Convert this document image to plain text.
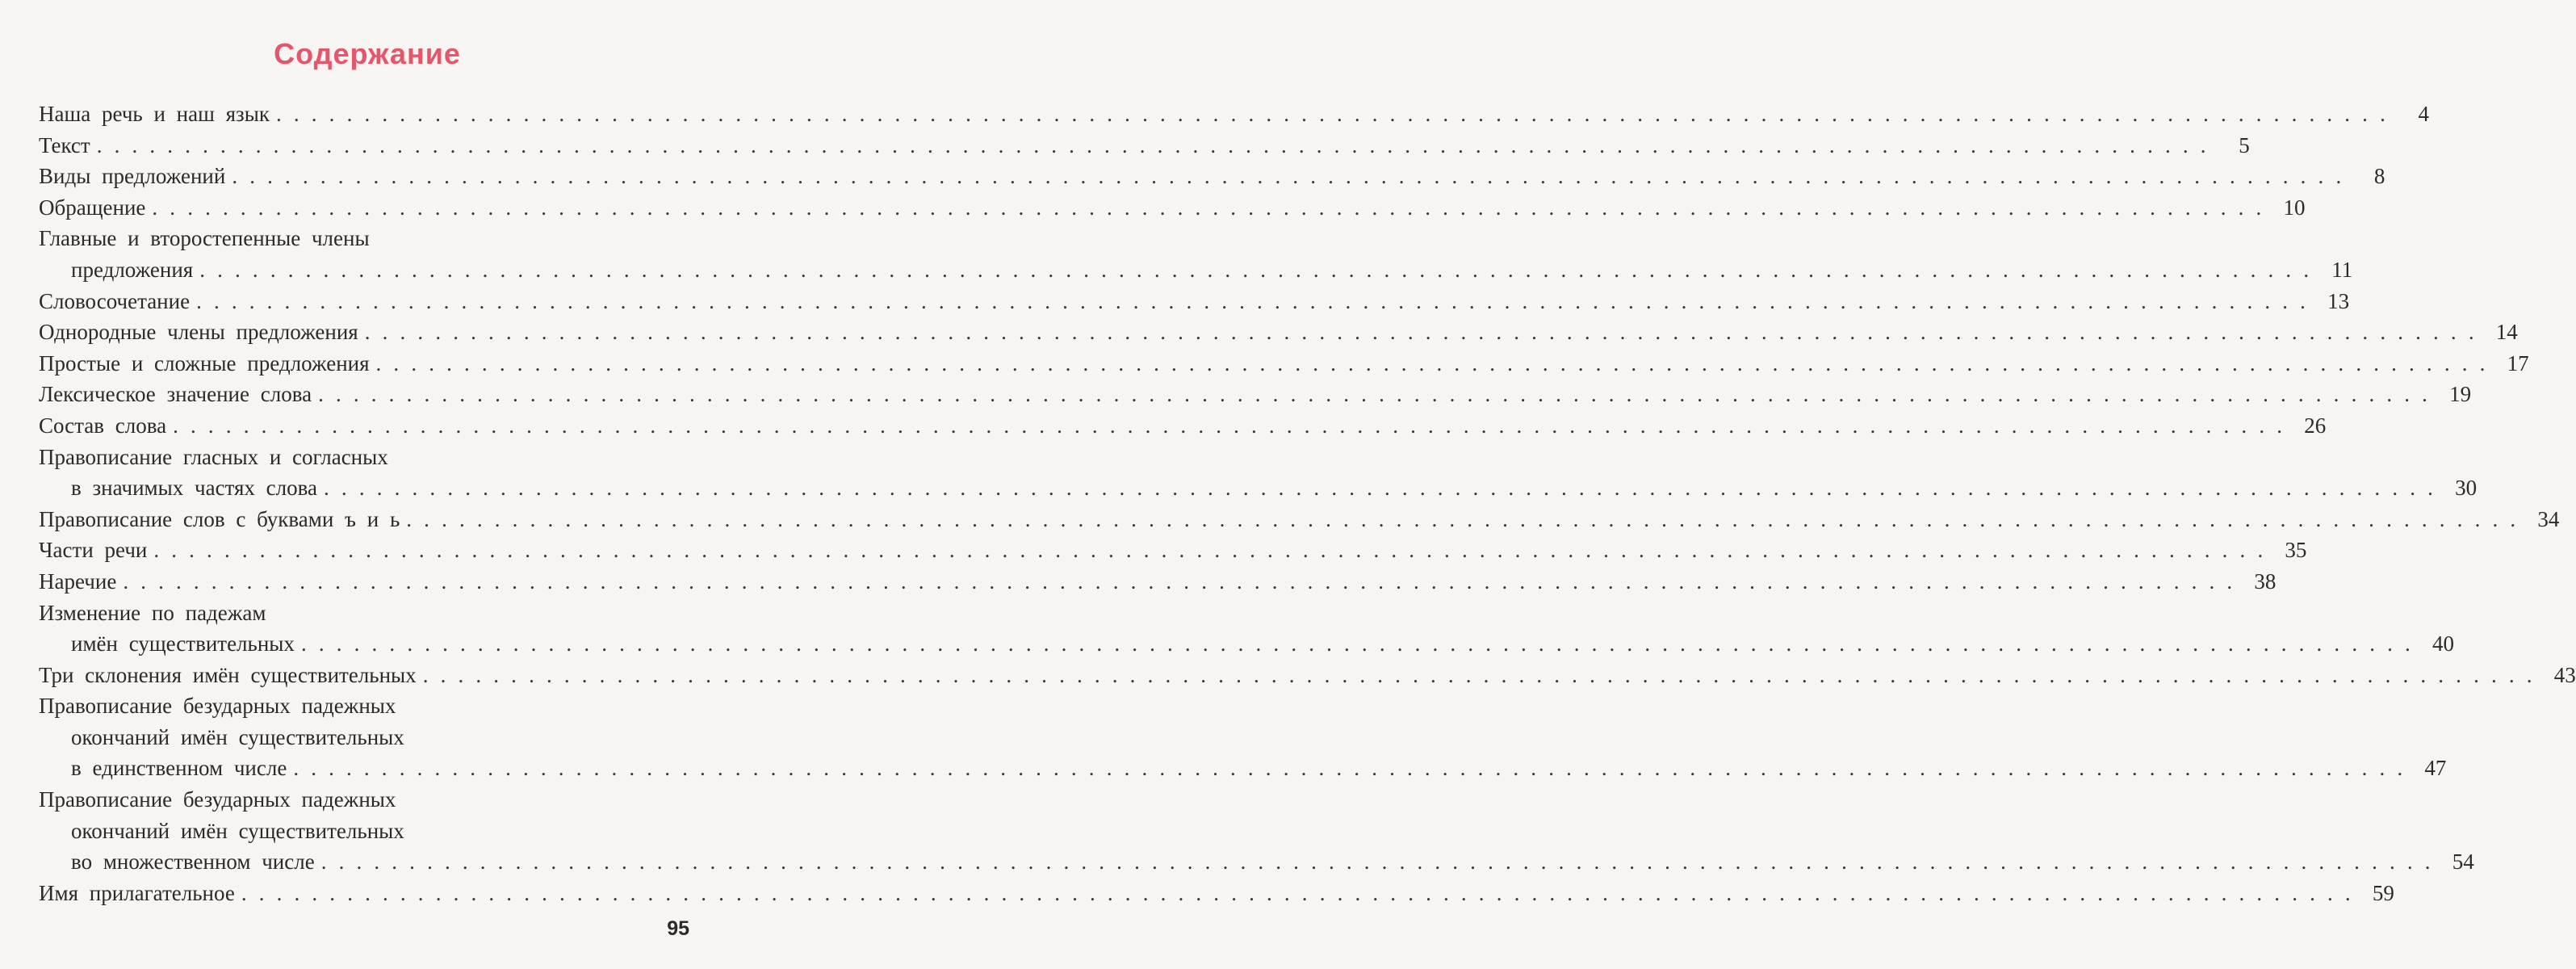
Содержание
Наша речь и наш язык . . . . . . . . . . . . . . . . . . . . . . . . . . . . . . . . . . . . . . . . . . . . . . . . . . . . . . . . . . . . . . . . . . . . . . . . . . . . . . . . . . . . . . . . . . . . . . . . . . . . . . . . . . . . . . . . . . . . . . . .	4
Текст . . . . . . . . . . . . . . . . . . . . . . . . . . . . . . . . . . . . . . . . . . . . . . . . . . . . . . . . . . . . . . . . . . . . . . . . . . . . . . . . . . . . . . . . . . . . . . . . . . . . . . . . . . . . . . . . . . . . . . . .	5
Виды предложений . . . . . . . . . . . . . . . . . . . . . . . . . . . . . . . . . . . . . . . . . . . . . . . . . . . . . . . . . . . . . . . . . . . . . . . . . . . . . . . . . . . . . . . . . . . . . . . . . . . . . . . . . . . . . . . . . . . . . . . .	8
Обращение . . . . . . . . . . . . . . . . . . . . . . . . . . . . . . . . . . . . . . . . . . . . . . . . . . . . . . . . . . . . . . . . . . . . . . . . . . . . . . . . . . . . . . . . . . . . . . . . . . . . . . . . . . . . . . . . . . . . . . . . 10
Главные и второстепенные члены
предложения . . . . . . . . . . . . . . . . . . . . . . . . . . . . . . . . . . . . . . . . . . . . . . . . . . . . . . . . . . . . . . . . . . . . . . . . . . . . . . . . . . . . . . . . . . . . . . . . . . . . . . . . . . . . . . . . . . . . . . . . 11
Словосочетание . . . . . . . . . . . . . . . . . . . . . . . . . . . . . . . . . . . . . . . . . . . . . . . . . . . . . . . . . . . . . . . . . . . . . . . . . . . . . . . . . . . . . . . . . . . . . . . . . . . . . . . . . . . . . . . . . . . . . . . . 13
Однородные члены предложения . . . . . . . . . . . . . . . . . . . . . . . . . . . . . . . . . . . . . . . . . . . . . . . . . . . . . . . . . . . . . . . . . . . . . . . . . . . . . . . . . . . . . . . . . . . . . . . . . . . . . . . . . . . . . . . . . . . . . . . . 14
Простые и сложные предложения . . . . . . . . . . . . . . . . . . . . . . . . . . . . . . . . . . . . . . . . . . . . . . . . . . . . . . . . . . . . . . . . . . . . . . . . . . . . . . . . . . . . . . . . . . . . . . . . . . . . . . . . . . . . . . . . . . . . . . . . 17
Лексическое значение слова . . . . . . . . . . . . . . . . . . . . . . . . . . . . . . . . . . . . . . . . . . . . . . . . . . . . . . . . . . . . . . . . . . . . . . . . . . . . . . . . . . . . . . . . . . . . . . . . . . . . . . . . . . . . . . . . . . . . . . . . 19
Состав слова . . . . . . . . . . . . . . . . . . . . . . . . . . . . . . . . . . . . . . . . . . . . . . . . . . . . . . . . . . . . . . . . . . . . . . . . . . . . . . . . . . . . . . . . . . . . . . . . . . . . . . . . . . . . . . . . . . . . . . . . 26
Правописание гласных и согласных
в значимых частях слова . . . . . . . . . . . . . . . . . . . . . . . . . . . . . . . . . . . . . . . . . . . . . . . . . . . . . . . . . . . . . . . . . . . . . . . . . . . . . . . . . . . . . . . . . . . . . . . . . . . . . . . . . . . . . . . . . . . . . . . . 30
Правописание слов с буквами ъ и ь . . . . . . . . . . . . . . . . . . . . . . . . . . . . . . . . . . . . . . . . . . . . . . . . . . . . . . . . . . . . . . . . . . . . . . . . . . . . . . . . . . . . . . . . . . . . . . . . . . . . . . . . . . . . . . . . . . . . . . . . 34
Части речи . . . . . . . . . . . . . . . . . . . . . . . . . . . . . . . . . . . . . . . . . . . . . . . . . . . . . . . . . . . . . . . . . . . . . . . . . . . . . . . . . . . . . . . . . . . . . . . . . . . . . . . . . . . . . . . . . . . . . . . . 35
Наречие . . . . . . . . . . . . . . . . . . . . . . . . . . . . . . . . . . . . . . . . . . . . . . . . . . . . . . . . . . . . . . . . . . . . . . . . . . . . . . . . . . . . . . . . . . . . . . . . . . . . . . . . . . . . . . . . . . . . . . . . 38
Изменение по падежам
имён существительных . . . . . . . . . . . . . . . . . . . . . . . . . . . . . . . . . . . . . . . . . . . . . . . . . . . . . . . . . . . . . . . . . . . . . . . . . . . . . . . . . . . . . . . . . . . . . . . . . . . . . . . . . . . . . . . . . . . . . . . . 40
Три склонения имён существительных . . . . . . . . . . . . . . . . . . . . . . . . . . . . . . . . . . . . . . . . . . . . . . . . . . . . . . . . . . . . . . . . . . . . . . . . . . . . . . . . . . . . . . . . . . . . . . . . . . . . . . . . . . . . . . . . . . . . . . . . 43
Правописание безударных падежных
окончаний имён существительных
в единственном числе . . . . . . . . . . . . . . . . . . . . . . . . . . . . . . . . . . . . . . . . . . . . . . . . . . . . . . . . . . . . . . . . . . . . . . . . . . . . . . . . . . . . . . . . . . . . . . . . . . . . . . . . . . . . . . . . . . . . . . . . 47
Правописание безударных падежных
окончаний имён существительных
во множественном числе . . . . . . . . . . . . . . . . . . . . . . . . . . . . . . . . . . . . . . . . . . . . . . . . . . . . . . . . . . . . . . . . . . . . . . . . . . . . . . . . . . . . . . . . . . . . . . . . . . . . . . . . . . . . . . . . . . . . . . . . 54
Имя прилагательное . . . . . . . . . . . . . . . . . . . . . . . . . . . . . . . . . . . . . . . . . . . . . . . . . . . . . . . . . . . . . . . . . . . . . . . . . . . . . . . . . . . . . . . . . . . . . . . . . . . . . . . . . . . . . . . . . . . . . . . . 59
95
